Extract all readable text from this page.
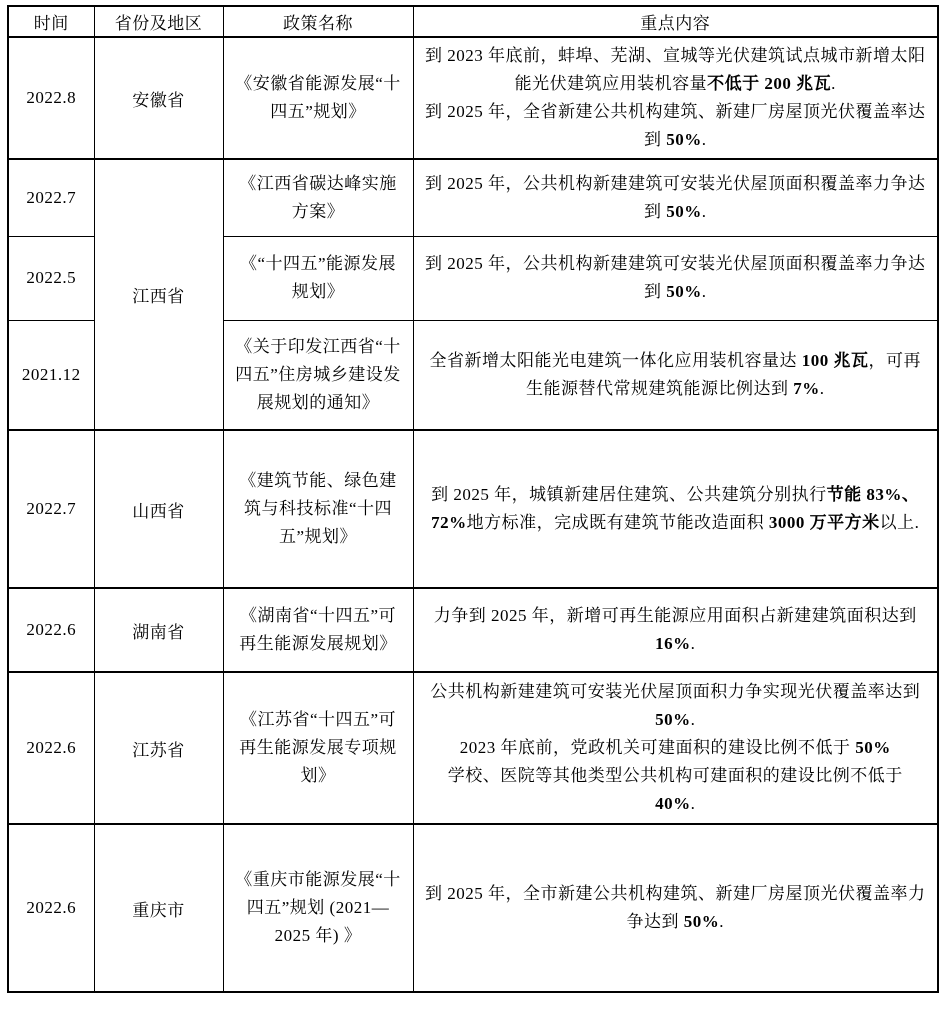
时间	省份及地区	政策名称	重点内容
2022.8	安徽省	《安徽省能源发展“十四五”规划》	到 2023 年底前，蚌埠、芜湖、宣城等光伏建筑试点城市新增太阳能光伏建筑应用装机容量不低于 200 兆瓦.
到 2025 年，全省新建公共机构建筑、新建厂房屋顶光伏覆盖率达到 50%.

2022.7	江西省	《江西省碳达峰实施方案》	到 2025 年，公共机构新建建筑可安装光伏屋顶面积覆盖率力争达到 50%.

2022.5		《“十四五”能源发展规划》	到 2025 年，公共机构新建建筑可安装光伏屋顶面积覆盖率力争达到 50%.

2021.12		《关于印发江西省“十四五”住房城乡建设发展规划的通知》	全省新增太阳能光电建筑一体化应用装机容量达 100 兆瓦，可再生能源替代常规建筑能源比例达到 7%.

2022.7	山西省	《建筑节能、绿色建筑与科技标准“十四五”规划》	到 2025 年，城镇新建居住建筑、公共建筑分别执行节能 83%、72%地方标准，完成既有建筑节能改造面积 3000 万平方米以上.

2022.6	湖南省	《湖南省“十四五”可再生能源发展规划》	力争到 2025 年，新增可再生能源应用面积占新建建筑面积达到 16%.

2022.6	江苏省	《江苏省“十四五”可再生能源发展专项规划》	公共机构新建建筑可安装光伏屋顶面积力争实现光伏覆盖率达到 50%.
2023 年底前，党政机关可建面积的建设比例不低于 50%
学校、医院等其他类型公共机构可建面积的建设比例不低于
40%.

2022.6	重庆市	《重庆市能源发展“十四五”规划 (2021—2025 年) 》	到 2025 年，全市新建公共机构建筑、新建厂房屋顶光伏覆盖率力争达到 50%.
